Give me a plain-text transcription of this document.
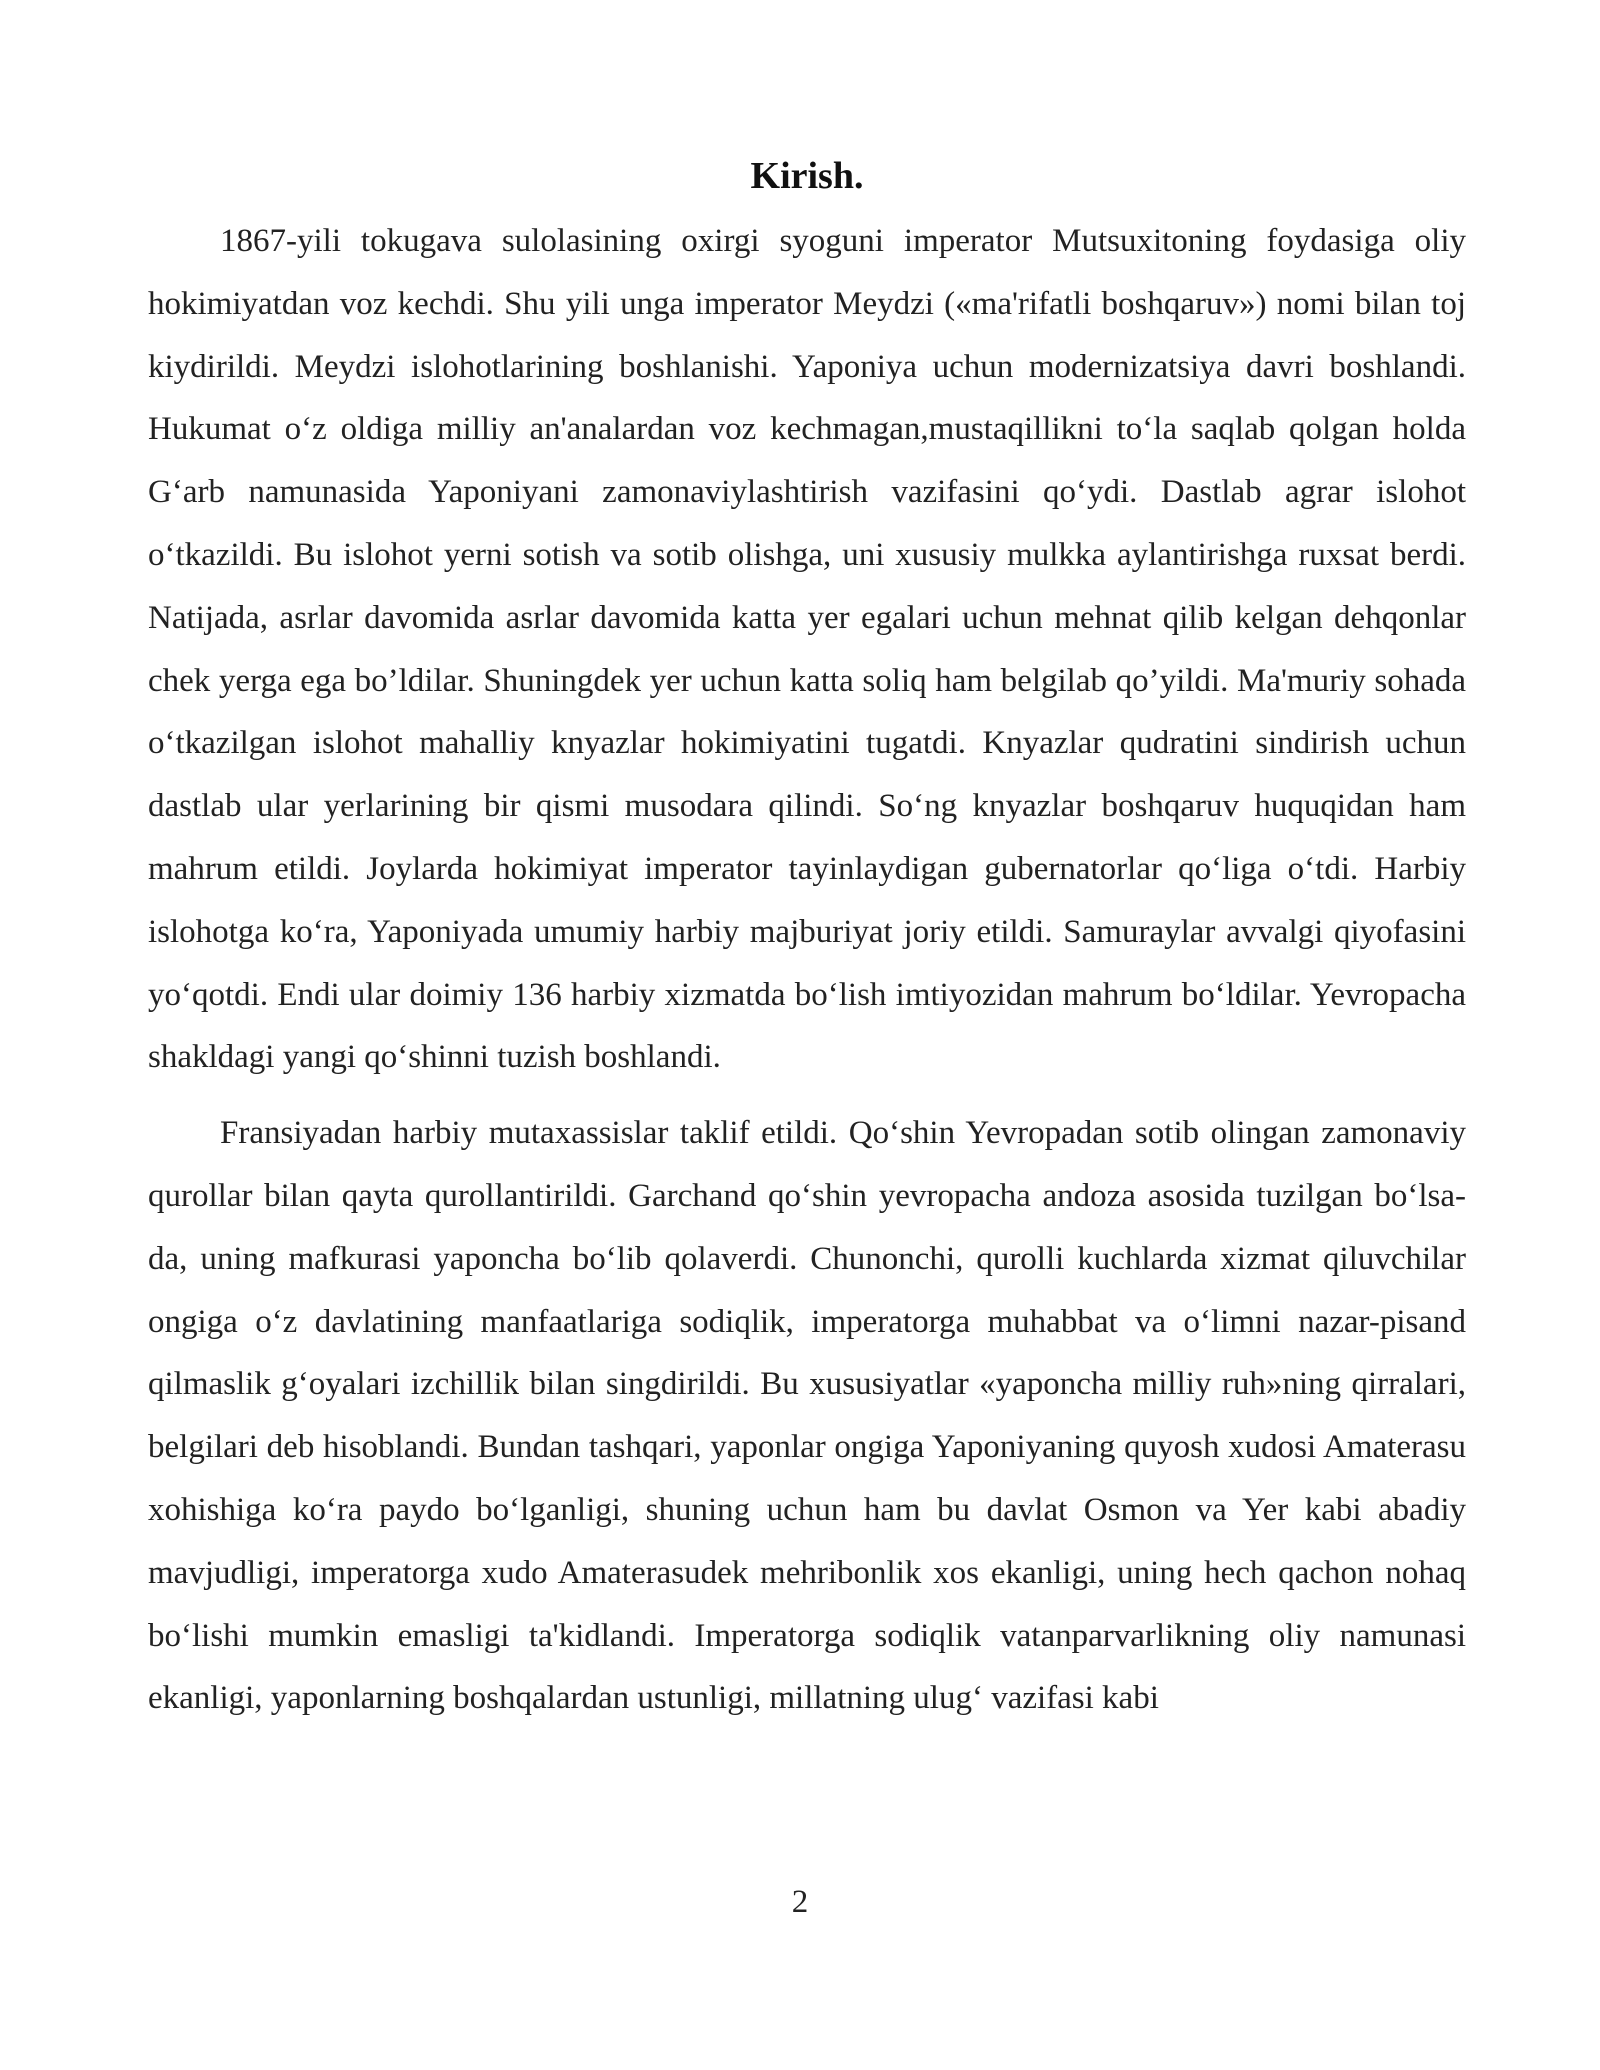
Kirish.

1867-yili tokugava sulolasining oxirgi syoguni imperator Mutsuxitoning foydasiga oliy hokimiyatdan voz kechdi. Shu yili unga imperator Meydzi («ma'rifatli boshqaruv») nomi bilan toj kiydirildi. Meydzi islohotlarining boshlanishi. Yaponiya uchun modernizatsiya davri boshlandi. Hukumat o‘z oldiga milliy an'analardan voz kechmagan,mustaqillikni to‘la saqlab qolgan holda G‘arb namunasida Yaponiyani zamonaviylashtirish vazifasini qo‘ydi. Dastlab agrar islohot o‘tkazildi. Bu islohot yerni sotish va sotib olishga, uni xususiy mulkka aylantirishga ruxsat berdi. Natijada, asrlar davomida asrlar davomida katta yer egalari uchun mehnat qilib kelgan dehqonlar chek yerga ega bo’ldilar. Shuningdek yer uchun katta soliq ham belgilab qo’yildi. Ma'muriy sohada o‘tkazilgan islohot mahalliy knyazlar hokimiyatini tugatdi. Knyazlar qudratini sindirish uchun dastlab ular yerlarining bir qismi musodara qilindi. So‘ng knyazlar boshqaruv huquqidan ham mahrum etildi. Joylarda hokimiyat imperator tayinlaydigan gubernatorlar qo‘liga o‘tdi. Harbiy islohotga ko‘ra, Yaponiyada umumiy harbiy majburiyat joriy etildi. Samuraylar avvalgi qiyofasini yo‘qotdi. Endi ular doimiy 136 harbiy xizmatda bo‘lish imtiyozidan mahrum bo‘ldilar. Yevropacha shakldagi yangi qo‘shinni tuzish boshlandi.

Fransiyadan harbiy mutaxassislar taklif etildi. Qo‘shin Yevropadan sotib olingan zamonaviy qurollar bilan qayta qurollantirildi. Garchand qo‘shin yevropacha andoza asosida tuzilgan bo‘lsa-da, uning mafkurasi yaponcha bo‘lib qolaverdi. Chunonchi, qurolli kuchlarda xizmat qiluvchilar ongiga o‘z davlatining manfaatlariga sodiqlik, imperatorga muhabbat va o‘limni nazar-pisand qilmaslik g‘oyalari izchillik bilan singdirildi. Bu xususiyatlar «yaponcha milliy ruh»ning qirralari, belgilari deb hisoblandi. Bundan tashqari, yaponlar ongiga Yaponiyaning quyosh xudosi Amaterasu xohishiga ko‘ra paydo bo‘lganligi, shuning uchun ham bu davlat Osmon va Yer kabi abadiy mavjudligi, imperatorga xudo Amaterasudek mehribonlik xos ekanligi, uning hech qachon nohaq bo‘lishi mumkin emasligi ta'kidlandi. Imperatorga sodiqlik vatanparvarlikning oliy namunasi ekanligi, yaponlarning boshqalardan ustunligi, millatning ulug‘ vazifasi kabi

2
